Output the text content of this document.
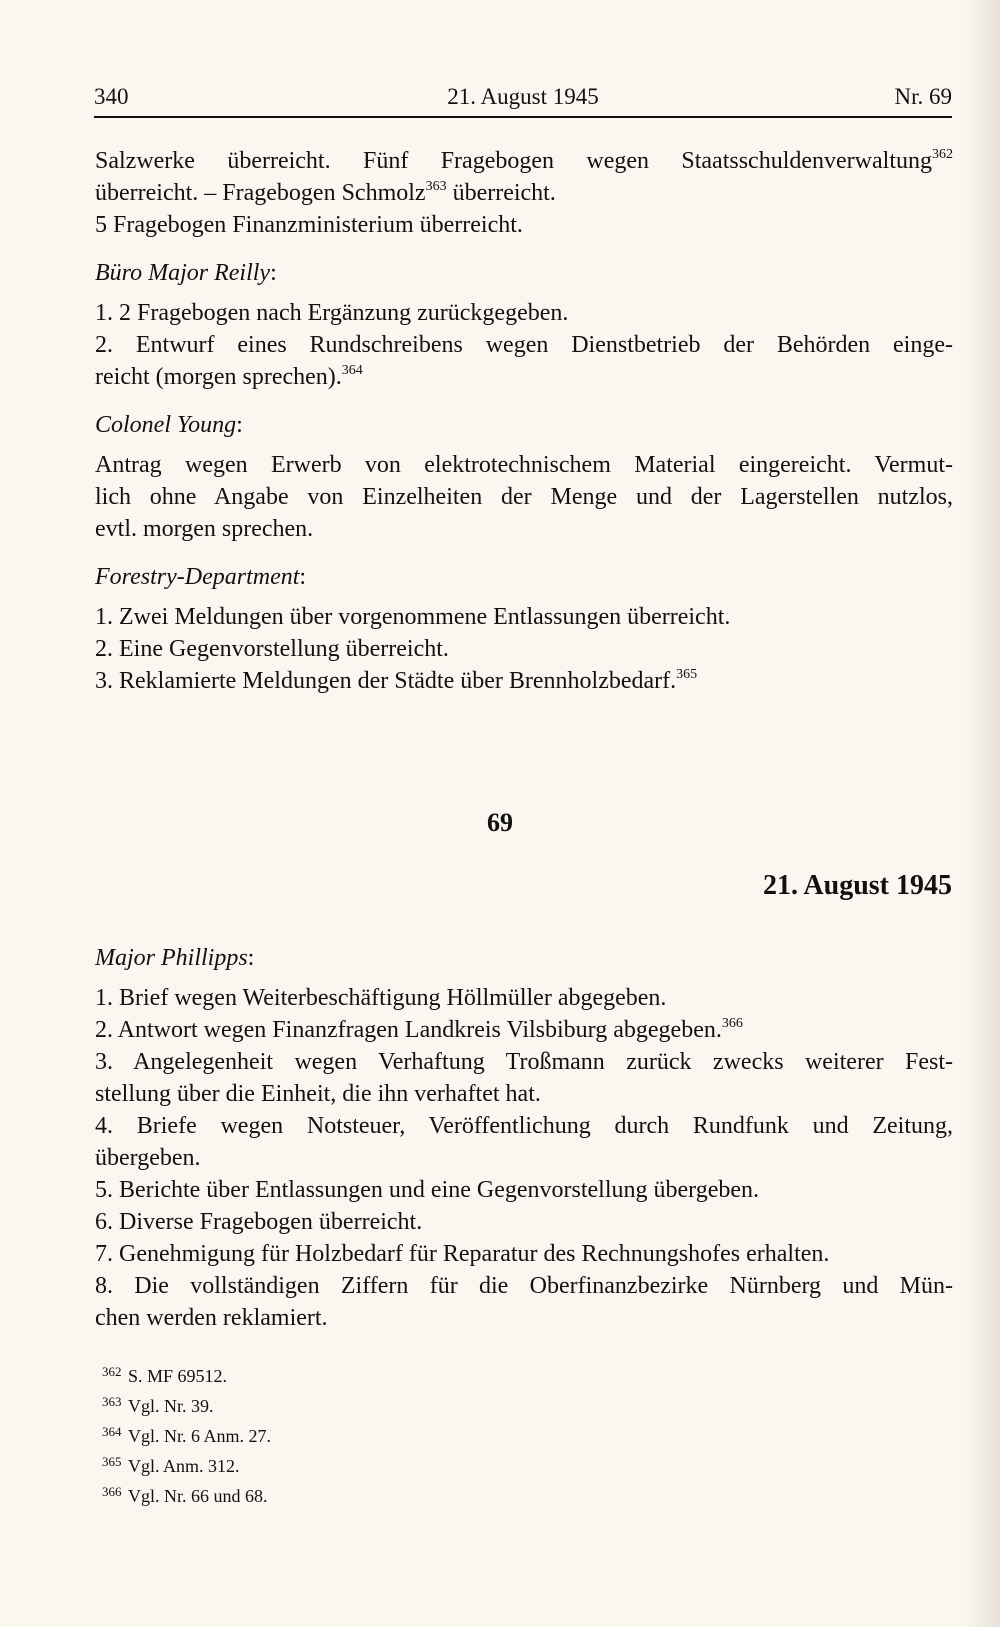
340	21. August 1945	Nr. 69
Salzwerke überreicht. Fünf Fragebogen wegen Staatsschuldenverwaltung$^{362}$
überreicht. – Fragebogen Schmolz$^{363}$ überreicht.
5 Fragebogen Finanzministerium überreicht.
Büro Major Reilly:
1. 2 Fragebogen nach Ergänzung zurückgegeben.
2. Entwurf eines Rundschreibens wegen Dienstbetrieb der Behörden einge-
reicht (morgen sprechen).$^{364}$
Colonel Young:
Antrag wegen Erwerb von elektrotechnischem Material eingereicht. Vermut-
lich ohne Angabe von Einzelheiten der Menge und der Lagerstellen nutzlos,
evtl. morgen sprechen.
Forestry-Department:
1. Zwei Meldungen über vorgenommene Entlassungen überreicht.
2. Eine Gegenvorstellung überreicht.
3. Reklamierte Meldungen der Städte über Brennholzbedarf.$^{365}$
69
21. August 1945
Major Phillipps:
1. Brief wegen Weiterbeschäftigung Höllmüller abgegeben.
2. Antwort wegen Finanzfragen Landkreis Vilsbiburg abgegeben.$^{366}$
3. Angelegenheit wegen Verhaftung Troßmann zurück zwecks weiterer Fest-
stellung über die Einheit, die ihn verhaftet hat.
4. Briefe wegen Notsteuer, Veröffentlichung durch Rundfunk und Zeitung,
übergeben.
5. Berichte über Entlassungen und eine Gegenvorstellung übergeben.
6. Diverse Fragebogen überreicht.
7. Genehmigung für Holzbedarf für Reparatur des Rechnungshofes erhalten.
8. Die vollständigen Ziffern für die Oberfinanzbezirke Nürnberg und Mün-
chen werden reklamiert.
362 S. MF 69512.
363 Vgl. Nr. 39.
364 Vgl. Nr. 6 Anm. 27.
365 Vgl. Anm. 312.
366 Vgl. Nr. 66 und 68.
